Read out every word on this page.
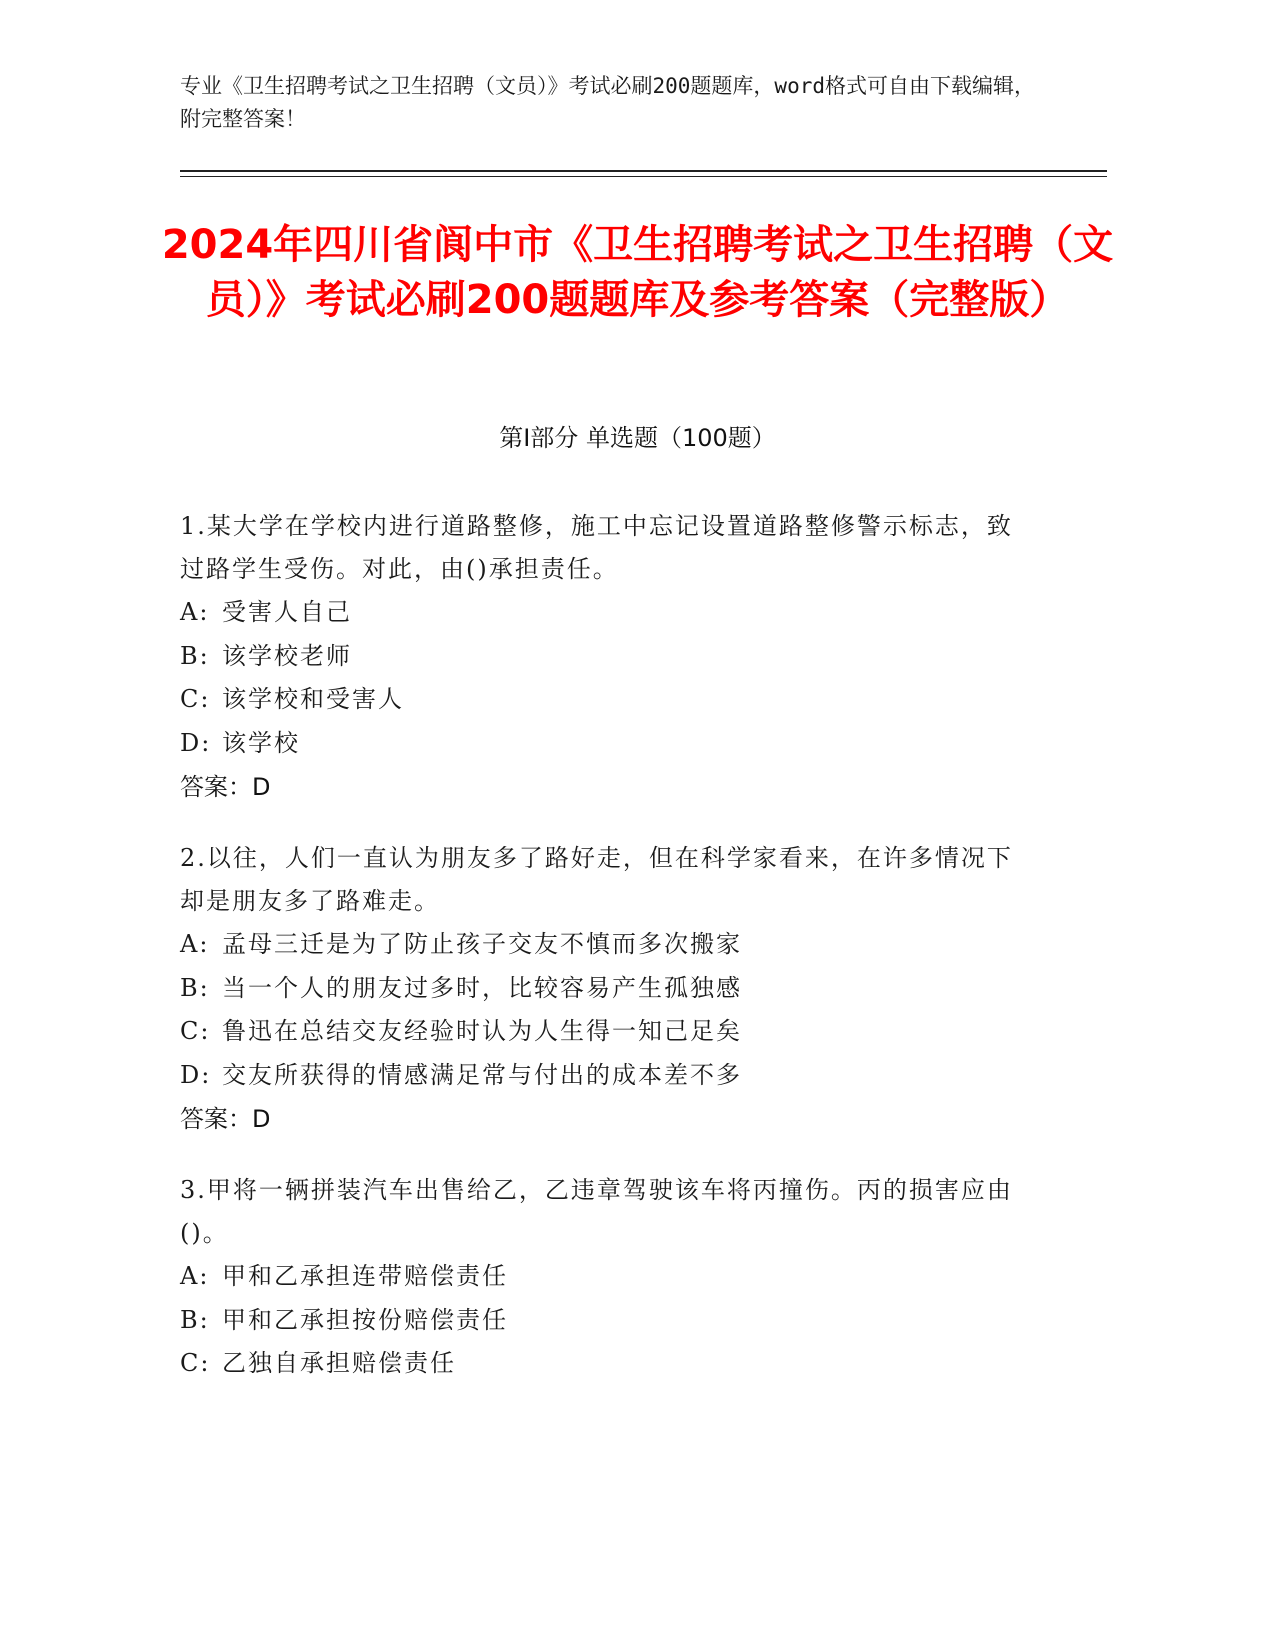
专业《卫生招聘考试之卫生招聘（文员）》考试必刷200题题库，word格式可自由下载编辑，附完整答案！
2024年四川省阆中市《卫生招聘考试之卫生招聘（文员）》考试必刷200题题库及参考答案（完整版）
第Ⅰ部分 单选题（100题）
1.某大学在学校内进行道路整修，施工中忘记设置道路整修警示标志，致过路学生受伤。对此，由()承担责任。
A: 受害人自己
B: 该学校老师
C: 该学校和受害人
D: 该学校
答案：D
2.以往，人们一直认为朋友多了路好走，但在科学家看来，在许多情况下却是朋友多了路难走。
A: 孟母三迁是为了防止孩子交友不慎而多次搬家
B: 当一个人的朋友过多时，比较容易产生孤独感
C: 鲁迅在总结交友经验时认为人生得一知己足矣
D: 交友所获得的情感满足常与付出的成本差不多
答案：D
3.甲将一辆拼装汽车出售给乙，乙违章驾驶该车将丙撞伤。丙的损害应由()。
A: 甲和乙承担连带赔偿责任
B: 甲和乙承担按份赔偿责任
C: 乙独自承担赔偿责任
